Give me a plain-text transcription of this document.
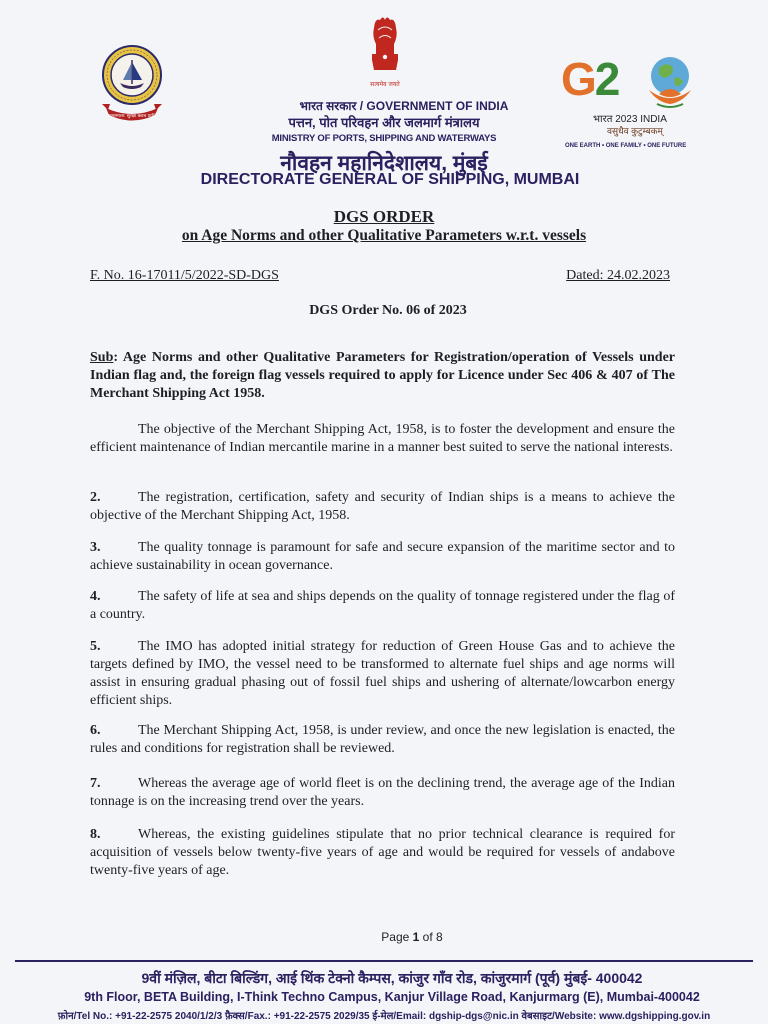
सागरमाला: सुरक्षा कवच प्राप्ति
सत्यमेव जयते
भारत सरकार / GOVERNMENT OF INDIA
पत्तन, पोत परिवहन और जलमार्ग मंत्रालय
MINISTRY OF PORTS, SHIPPING AND WATERWAYS
नौवहन महानिदेशालय, मुंबई
DIRECTORATE GENERAL OF SHIPPING, MUMBAI
G2
भारत 2023 INDIA
वसुधैव कुटुम्बकम्
ONE EARTH • ONE FAMILY • ONE FUTURE
DGS ORDER
on Age Norms and other Qualitative Parameters w.r.t. vessels
F. No. 16-17011/5/2022-SD-DGS	Dated: 24.02.2023
DGS Order No. 06 of 2023
Sub: Age Norms and other Qualitative Parameters for Registration/operation of Vessels under Indian flag and, the foreign flag vessels required to apply for Licence under Sec 406 & 407 of The Merchant Shipping Act 1958.
The objective of the Merchant Shipping Act, 1958, is to foster the development and ensure the efficient maintenance of Indian mercantile marine in a manner best suited to serve the national interests.
2.	The registration, certification, safety and security of Indian ships is a means to achieve the objective of the Merchant Shipping Act, 1958.
3.	The quality tonnage is paramount for safe and secure expansion of the maritime sector and to achieve sustainability in ocean governance.
4.	The safety of life at sea and ships depends on the quality of tonnage registered under the flag of a country.
5.	The IMO has adopted initial strategy for reduction of Green House Gas and to achieve the targets defined by IMO, the vessel need to be transformed to alternate fuel ships and age norms will assist in ensuring gradual phasing out of fossil fuel ships and ushering of alternate/lowcarbon energy efficient ships.
6.	The Merchant Shipping Act, 1958, is under review, and once the new legislation is enacted, the rules and conditions for registration shall be reviewed.
7.	Whereas the average age of world fleet is on the declining trend, the average age of the Indian tonnage is on the increasing trend over the years.
8.	Whereas, the existing guidelines stipulate that no prior technical clearance is required for acquisition of vessels below twenty-five years of age and would be required for vessels of andabove twenty-five years of age.
Page 1 of 8
9वीं मंज़िल, बीटा बिल्डिंग, आई थिंक टेक्नो कैम्पस, कांजुर गाँव रोड, कांजुरमार्ग (पूर्व) मुंबई- 400042
9th Floor, BETA Building, I-Think Techno Campus, Kanjur Village Road, Kanjurmarg (E), Mumbai-400042
फ़ोन/Tel No.: +91-22-2575 2040/1/2/3 फ़ैक्स/Fax.: +91-22-2575 2029/35 ई-मेल/Email: dgship-dgs@nic.in वेबसाइट/Website: www.dgshipping.gov.in
